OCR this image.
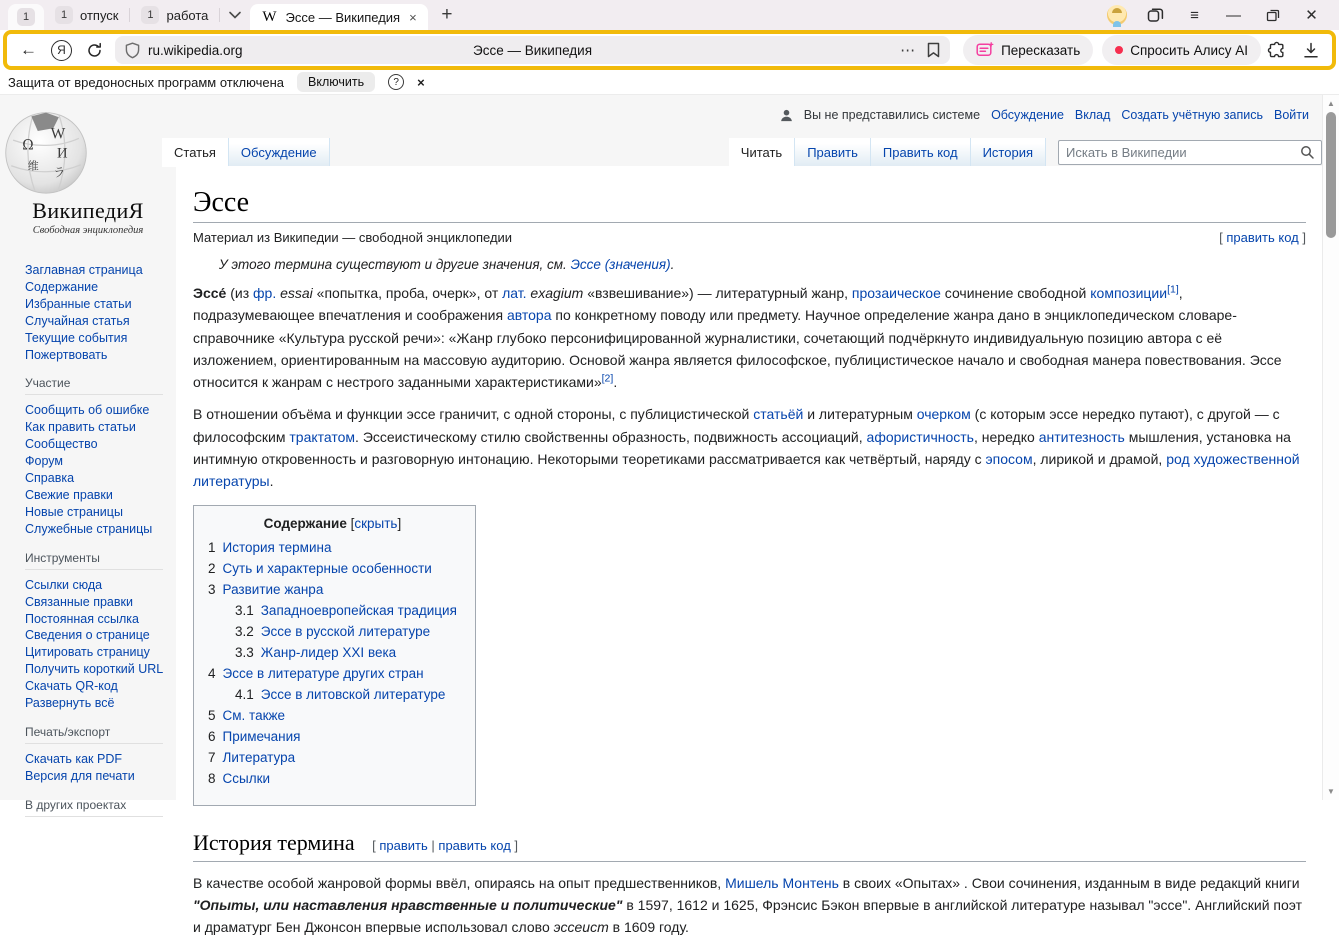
1	1 отпуск	1 работа	W Эссе — Википедия ×	+	≡	—	✕
←	Я	ru.wikipedia.org	Эссе — Википедия	⋯	Пересказать	Спросить Алису AI
Защита от вредоносных программ отключена	Включить	?	×
W
И
Ω
维 ラ
ВикипедиЯ
Свободная энциклопедия
Заглавная страница
Содержание
Избранные статьи
Случайная статья
Текущие события
Пожертвовать
Участие
Сообщить об ошибке
Как править статьи
Сообщество
Форум
Справка
Свежие правки
Новые страницы
Служебные страницы
Инструменты
Ссылки сюда
Связанные правки
Постоянная ссылка
Сведения о странице
Цитировать страницу
Получить короткий URL
Скачать QR-код
Развернуть всё
Печать/экспорт
Скачать как PDF
Версия для печати
В других проектах
Вы не представились системе Обсуждение Вклад Создать учётную запись Войти
Статья	Обсуждение	Читать	Править	Править код	История
Искать в Википедии
Эссе
Материал из Википедии — свободной энциклопедии	[ править код ]
У этого термина существуют и другие значения, см. Эссе (значения).

Эссе́ (из фр. essai «попытка, проба, очерк», от лат. exagium «взвешивание») — литературный жанр, прозаическое сочинение свободной композиции[1], подразумевающее впечатления и соображения автора по конкретному поводу или предмету. Научное определение жанра дано в энциклопедическом словаре-справочнике «Культура русской речи»: «Жанр глубоко персонифицированной журналистики, сочетающий подчёркнуто индивидуальную позицию автора с её изложением, ориентированным на массовую аудиторию. Основой жанра является философское, публицистическое начало и свободная манера повествования. Эссе относится к жанрам с нестрого заданными характеристиками»[2].

В отношении объёма и функции эссе граничит, с одной стороны, с публицистической статьёй и литературным очерком (с которым эссе нередко путают), с другой — с философским трактатом. Эссеистическому стилю свойственны образность, подвижность ассоциаций, афористичность, нередко антитезность мышления, установка на интимную откровенность и разговорную интонацию. Некоторыми теоретиками рассматривается как четвёртый, наряду с эпосом, лирикой и драмой, род художественной литературы.

Содержание [скрыть]
1 История термина
2 Суть и характерные особенности
3 Развитие жанра
3.1 Западноевропейская традиция
3.2 Эссе в русской литературе
3.3 Жанр-лидер XXI века
4 Эссе в литературе других стран
4.1 Эссе в литовской литературе
5 См. также
6 Примечания
7 Литература
8 Ссылки
История термина [ править | править код ]

В качестве особой жанровой формы ввёл, опираясь на опыт предшественников, Мишель Монтень в своих «Опытах» . Свои сочинения, изданным в виде редакций книги "Опыты, или наставления нравственные и политические" в 1597, 1612 и 1625, Фрэнсис Бэкон впервые в английской литературе называл "эссе". Английский поэт и драматург Бен Джонсон впервые использовал слово эссеист в 1609 году.

▲
▼
